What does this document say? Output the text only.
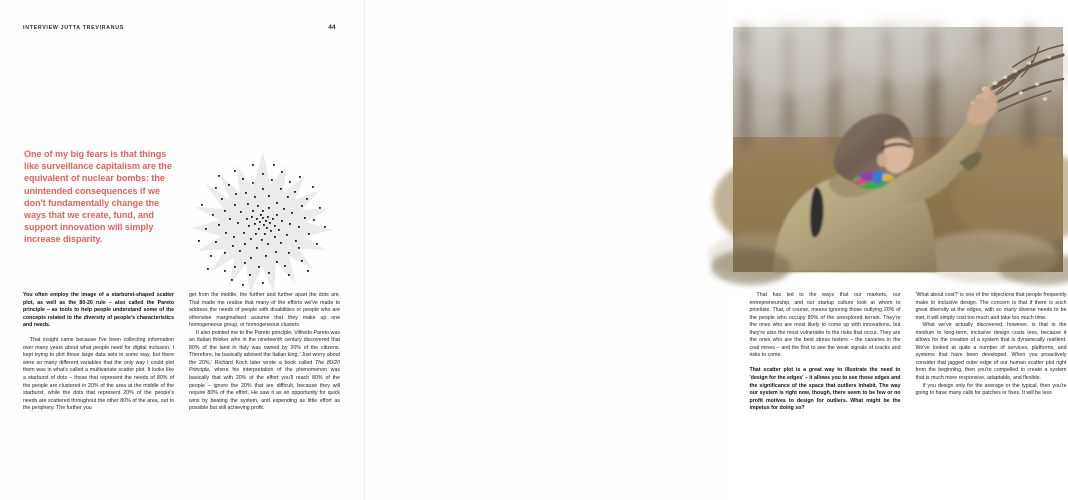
INTERVIEW JUTTA TREVIRANUS	44
One of my big fears is that things like surveillance capitalism are the equivalent of nuclear bombs: the unintended consequences if we don't fundamentally change the ways that we create, fund, and support innovation will simply increase disparity.

You often employ the image of a starburst-shaped scatter plot, as well as the 80-20 rule – also called the Pareto principle – as tools to help people understand some of the concepts related to the diversity of people's characteristics and needs.

That insight came because I've been collecting information over many years about what people need for digital inclusion. I kept trying to plot those large data sets in some way, but there were so many different variables that the only way I could plot them was in what's called a multivariate scatter plot. It looks like a starburst of dots – those that represent the needs of 80% of the people are clustered in 20% of the area at the middle of the starburst, while the dots that represent 20% of the people's needs are scattered throughout the other 80% of the area, out to the periphery. The further you

get from the middle, the further and further apart the dots are. That made me realise that many of the efforts we've made to address the needs of people with disabilities or people who are otherwise marginalised assume that they make up one homogeneous group, or homogeneous clusters.

It also pointed me to the Pareto principle: Vilfredo Pareto was an Italian thinker who in the nineteenth century discovered that 80% of the land in Italy was owned by 20% of the citizens. Therefore, he basically advised the Italian king, 'Just worry about the 20%.' Richard Koch later wrote a book called The 80/20 Principle, where his interpretation of the phenomenon was basically that with 20% of the effort you'll reach 80% of the people – ignore the 20% that are difficult, because they will require 80% of the effort. He saw it as an opportunity for quick wins by beating the system, and expending as little effort as possible but still achieving profit.

That has led to the ways that our markets, our entrepreneurship, and our startup culture look at whom to prioritise. That, of course, means ignoring those outlying 20% of the people who occupy 80% of the unexplored terrain. They're the ones who are most likely to come up with innovations, but they're also the most vulnerable to the risks that occur. They are the ones who are the best stress testers – the canaries in the coal mines – and the first to see the weak signals of cracks and risks to come.

That scatter plot is a great way to illustrate the need to 'design for the edges' – it allows you to see those edges and the significance of the space that outliers inhabit. The way our system is right now, though, there seem to be few or no profit motives to design for outliers. What might be the impetus for doing so?

'What about cost?' is one of the objections that people frequently make to inclusive design. The concern is that if there is such great diversity at the edges, with so many diverse needs to be met, it will simply cost too much and take too much time.

What we've actually discovered, however, is that in the medium to long-term, inclusive design costs less, because it allows for the creation of a system that is dynamically resilient. We've looked at quite a number of services, platforms, and systems that have been developed. When you proactively consider that jagged outer edge of our human scatter plot right from the beginning, then you're compelled to create a system that is much more responsive, adaptable, and flexible.

If you design only for the average or the typical, then you're going to have many calls for patches or fixes. It will be less
